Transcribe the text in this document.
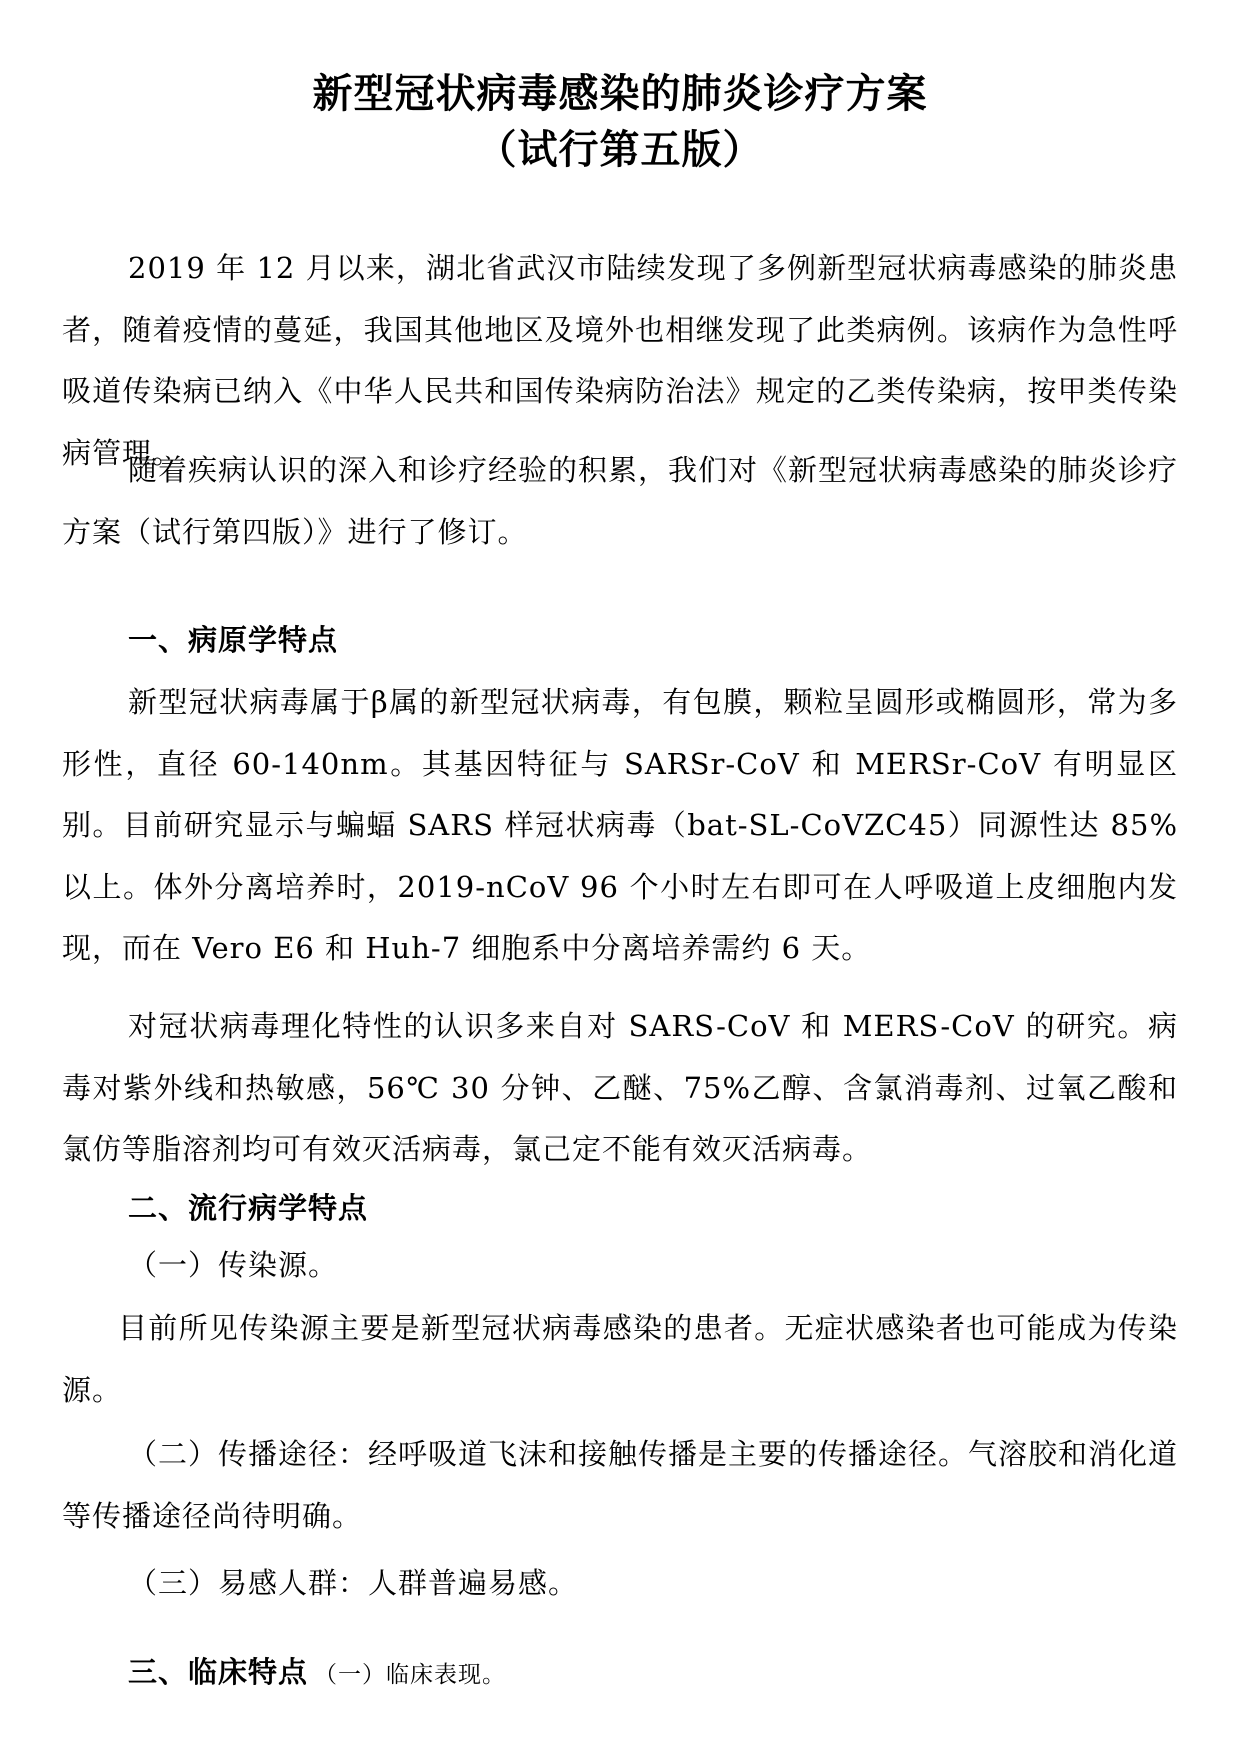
新型冠状病毒感染的肺炎诊疗方案
（试行第五版）
2019 年 12 月以来，湖北省武汉市陆续发现了多例新型冠状病毒感染的肺炎患者，随着疫情的蔓延，我国其他地区及境外也相继发现了此类病例。该病作为急性呼吸道传染病已纳入《中华人民共和国传染病防治法》规定的乙类传染病，按甲类传染病管理。
随着疾病认识的深入和诊疗经验的积累，我们对《新型冠状病毒感染的肺炎诊疗方案（试行第四版）》进行了修订。
一、病原学特点
新型冠状病毒属于β属的新型冠状病毒，有包膜，颗粒呈圆形或椭圆形，常为多形性，直径 60-140nm。其基因特征与 SARSr-CoV 和 MERSr-CoV 有明显区别。目前研究显示与蝙蝠 SARS 样冠状病毒（bat-SL-CoVZC45）同源性达 85%以上。体外分离培养时，2019-nCoV 96 个小时左右即可在人呼吸道上皮细胞内发现，而在 Vero E6 和 Huh-7 细胞系中分离培养需约 6 天。
对冠状病毒理化特性的认识多来自对 SARS-CoV 和 MERS-CoV 的研究。病毒对紫外线和热敏感，56℃ 30 分钟、乙醚、75%乙醇、含氯消毒剂、过氧乙酸和氯仿等脂溶剂均可有效灭活病毒，氯己定不能有效灭活病毒。
二、流行病学特点
（一）传染源。
目前所见传染源主要是新型冠状病毒感染的患者。无症状感染者也可能成为传染源。
（二）传播途径：经呼吸道飞沫和接触传播是主要的传播途径。气溶胶和消化道等传播途径尚待明确。
（三）易感人群：人群普遍易感。
三、临床特点 （一）临床表现。
